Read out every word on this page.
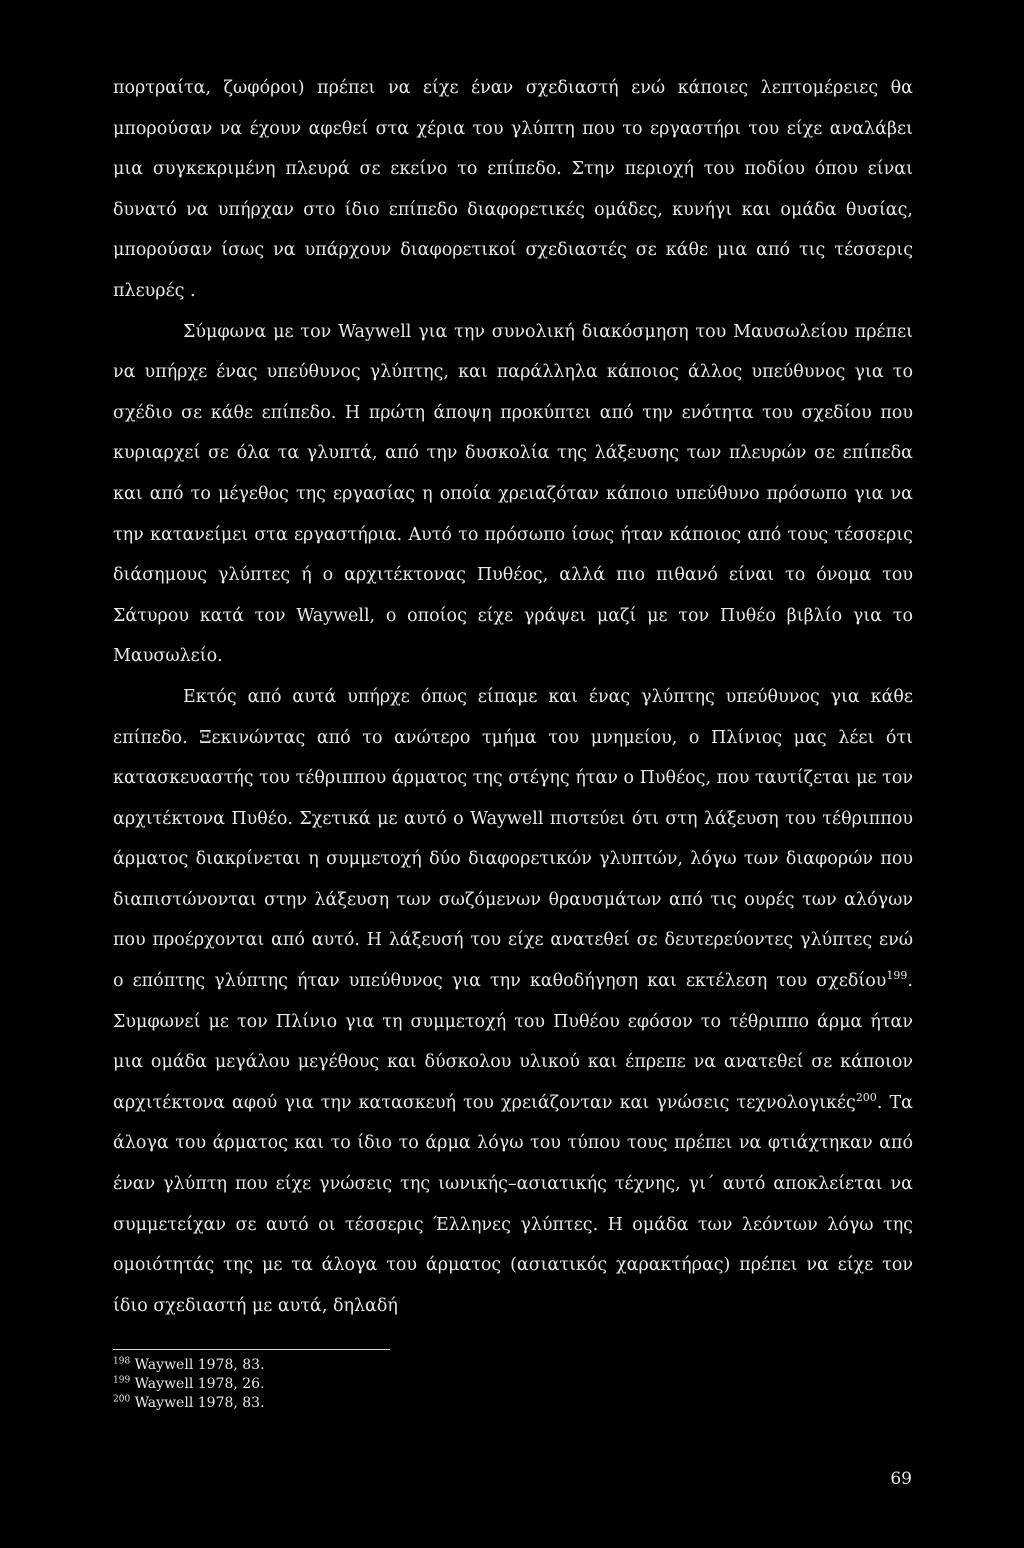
πορτραίτα, ζωφόροι) πρέπει να είχε έναν σχεδιαστή ενώ κάποιες λεπτομέρειες θα μπορούσαν να έχουν αφεθεί στα χέρια του γλύπτη που το εργαστήρι του είχε αναλάβει μια συγκεκριμένη πλευρά σε εκείνο το επίπεδο. Στην περιοχή του ποδίου όπου είναι δυνατό να υπήρχαν στο ίδιο επίπεδο διαφορετικές ομάδες, κυνήγι και ομάδα θυσίας, μπορούσαν ίσως να υπάρχουν διαφορετικοί σχεδιαστές σε κάθε μια από τις τέσσερις πλευρές .

Σύμφωνα με τον Waywell για την συνολική διακόσμηση του Μαυσωλείου πρέπει να υπήρχε ένας υπεύθυνος γλύπτης, και παράλληλα κάποιος άλλος υπεύθυνος για το σχέδιο σε κάθε επίπεδο. Η πρώτη άποψη προκύπτει από την ενότητα του σχεδίου που κυριαρχεί σε όλα τα γλυπτά, από την δυσκολία της λάξευσης των πλευρών σε επίπεδα και από το μέγεθος της εργασίας η οποία χρειαζόταν κάποιο υπεύθυνο πρόσωπο για να την κατανείμει στα εργαστήρια. Αυτό το πρόσωπο ίσως ήταν κάποιος από τους τέσσερις διάσημους γλύπτες ή ο αρχιτέκτονας Πυθέος, αλλά πιο πιθανό είναι το όνομα του Σάτυρου κατά τον Waywell, ο οποίος είχε γράψει μαζί με τον Πυθέο βιβλίο για το Μαυσωλείο.

Εκτός από αυτά υπήρχε όπως είπαμε και ένας γλύπτης υπεύθυνος για κάθε επίπεδο. Ξεκινώντας από το ανώτερο τμήμα του μνημείου, ο Πλίνιος μας λέει ότι κατασκευαστής του τέθριππου άρματος της στέγης ήταν ο Πυθέος, που ταυτίζεται με τον αρχιτέκτονα Πυθέο. Σχετικά με αυτό ο Waywell πιστεύει ότι στη λάξευση του τέθριππου άρματος διακρίνεται η συμμετοχή δύο διαφορετικών γλυπτών, λόγω των διαφορών που διαπιστώνονται στην λάξευση των σωζόμενων θραυσμάτων από τις ουρές των αλόγων που προέρχονται από αυτό. Η λάξευσή του είχε ανατεθεί σε δευτερεύοντες γλύπτες ενώ ο επόπτης γλύπτης ήταν υπεύθυνος για την καθοδήγηση και εκτέλεση του σχεδίου$^{199}$. Συμφωνεί με τον Πλίνιο για τη συμμετοχή του Πυθέου εφόσον το τέθριππο άρμα ήταν μια ομάδα μεγάλου μεγέθους και δύσκολου υλικού και έπρεπε να ανατεθεί σε κάποιον αρχιτέκτονα αφού για την κατασκευή του χρειάζονταν και γνώσεις τεχνολογικές$^{200}$. Τα άλογα του άρματος και το ίδιο το άρμα λόγω του τύπου τους πρέπει να φτιάχτηκαν από έναν γλύπτη που είχε γνώσεις της ιωνικής–ασιατικής τέχνης, γι΄ αυτό αποκλείεται να συμμετείχαν σε αυτό οι τέσσερις Έλληνες γλύπτες. Η ομάδα των λεόντων λόγω της ομοιότητάς της με τα άλογα του άρματος (ασιατικός χαρακτήρας) πρέπει να είχε τον ίδιο σχεδιαστή με αυτά, δηλαδή

$^{198}$ Waywell 1978, 83.

$^{199}$ Waywell 1978, 26.

$^{200}$ Waywell 1978, 83.

69
